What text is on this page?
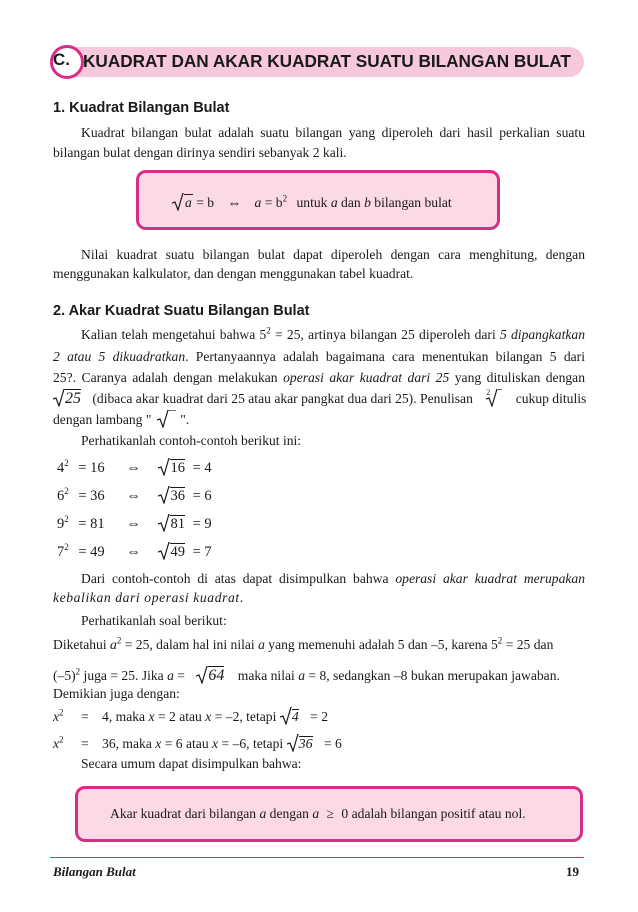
C. KUADRAT DAN AKAR KUADRAT SUATU BILANGAN BULAT
1. Kuadrat Bilangan Bulat
Kuadrat bilangan bulat adalah suatu bilangan yang diperoleh dari hasil perkalian suatu
bilangan bulat dengan dirinya sendiri sebanyak 2 kali.
a = b ⇔ $a = b^2$ untuk a dan b bilangan bulat
Nilai kuadrat suatu bilangan bulat dapat diperoleh dengan cara menghitung, dengan
menggunakan kalkulator, dan dengan menggunakan tabel kuadrat.
2. Akar Kuadrat Suatu Bilangan Bulat
Kalian telah mengetahui bahwa $5^2 = 25$, artinya bilangan 25 diperoleh dari 5 dipangkatkan
2 atau 5 dikuadratkan. Pertanyaannya adalah bagaimana cara menentukan bilangan 5 dari
25?. Caranya adalah dengan melakukan operasi akar kuadrat dari 25 yang dituliskan dengan
25 (dibaca akar kuadrat dari 25 atau akar pangkat dua dari 25). Penulisan $^2$ cukup ditulis
dengan lambang " ".
Perhatikanlah contoh-contoh berikut ini:
$4^2 = 16$ ⇔ 16 = 4
$6^2 = 36$ ⇔ 36 = 6
$9^2 = 81$ ⇔ 81 = 9
$7^2 = 49$ ⇔ 49 = 7
Dari contoh-contoh di atas dapat disimpulkan bahwa operasi akar kuadrat merupakan
kebalikan dari operasi kuadrat.
Perhatikanlah soal berikut:
Diketahui $a^2 = 25$, dalam hal ini nilai a yang memenuhi adalah 5 dan –5, karena $5^2 = 25$ dan
$(-5)^2$ juga = 25. Jika a = 64 maka nilai a = 8, sedangkan –8 bukan merupakan jawaban.
Demikian juga dengan:
$x^2 = 4$, maka x = 2 atau x = –2, tetapi 4 = 2
$x^2 = 36$, maka x = 6 atau x = –6, tetapi 36 = 6
Secara umum dapat disimpulkan bahwa:
Akar kuadrat dari bilangan a dengan a ≥ 0 adalah bilangan positif atau nol.
Bilangan Bulat	19
